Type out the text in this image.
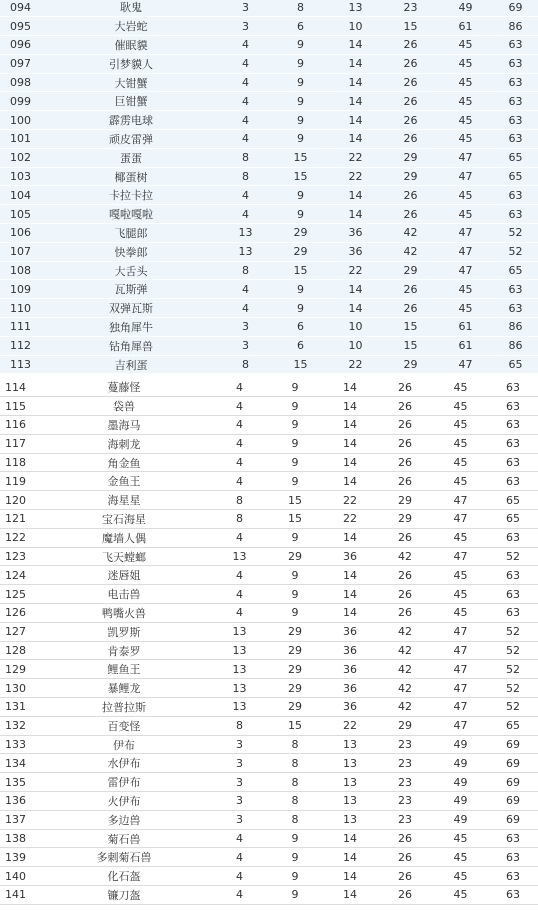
	094	耿鬼	3	8	13	23	49	69	
	095	大岩蛇	3	6	10	15	61	86	
	096	催眠貘	4	9	14	26	45	63	
	097	引梦貘人	4	9	14	26	45	63	
	098	大钳蟹	4	9	14	26	45	63	
	099	巨钳蟹	4	9	14	26	45	63	
	100	霹雳电球	4	9	14	26	45	63	
	101	顽皮雷弹	4	9	14	26	45	63	
	102	蛋蛋	8	15	22	29	47	65	
	103	椰蛋树	8	15	22	29	47	65	
	104	卡拉卡拉	4	9	14	26	45	63	
	105	嘎啦嘎啦	4	9	14	26	45	63	
	106	飞腿郎	13	29	36	42	47	52	
	107	快拳郎	13	29	36	42	47	52	
	108	大舌头	8	15	22	29	47	65	
	109	瓦斯弹	4	9	14	26	45	63	
	110	双弹瓦斯	4	9	14	26	45	63	
	111	独角犀牛	3	6	10	15	61	86	
	112	钻角犀兽	3	6	10	15	61	86	
	113	吉利蛋	8	15	22	29	47	65	
114	蔓藤怪	4	9	14	26	45	63	
115	袋兽	4	9	14	26	45	63	
116	墨海马	4	9	14	26	45	63	
117	海刺龙	4	9	14	26	45	63	
118	角金鱼	4	9	14	26	45	63	
119	金鱼王	4	9	14	26	45	63	
120	海星星	8	15	22	29	47	65	
121	宝石海星	8	15	22	29	47	65	
122	魔墙人偶	4	9	14	26	45	63	
123	飞天螳螂	13	29	36	42	47	52	
124	迷唇姐	4	9	14	26	45	63	
125	电击兽	4	9	14	26	45	63	
126	鸭嘴火兽	4	9	14	26	45	63	
127	凯罗斯	13	29	36	42	47	52	
128	肯泰罗	13	29	36	42	47	52	
129	鲤鱼王	13	29	36	42	47	52	
130	暴鲤龙	13	29	36	42	47	52	
131	拉普拉斯	13	29	36	42	47	52	
132	百变怪	8	15	22	29	47	65	
133	伊布	3	8	13	23	49	69	
134	水伊布	3	8	13	23	49	69	
135	雷伊布	3	8	13	23	49	69	
136	火伊布	3	8	13	23	49	69	
137	多边兽	3	8	13	23	49	69	
138	菊石兽	4	9	14	26	45	63	
139	多刺菊石兽	4	9	14	26	45	63	
140	化石盔	4	9	14	26	45	63	
141	镰刀盔	4	9	14	26	45	63	
